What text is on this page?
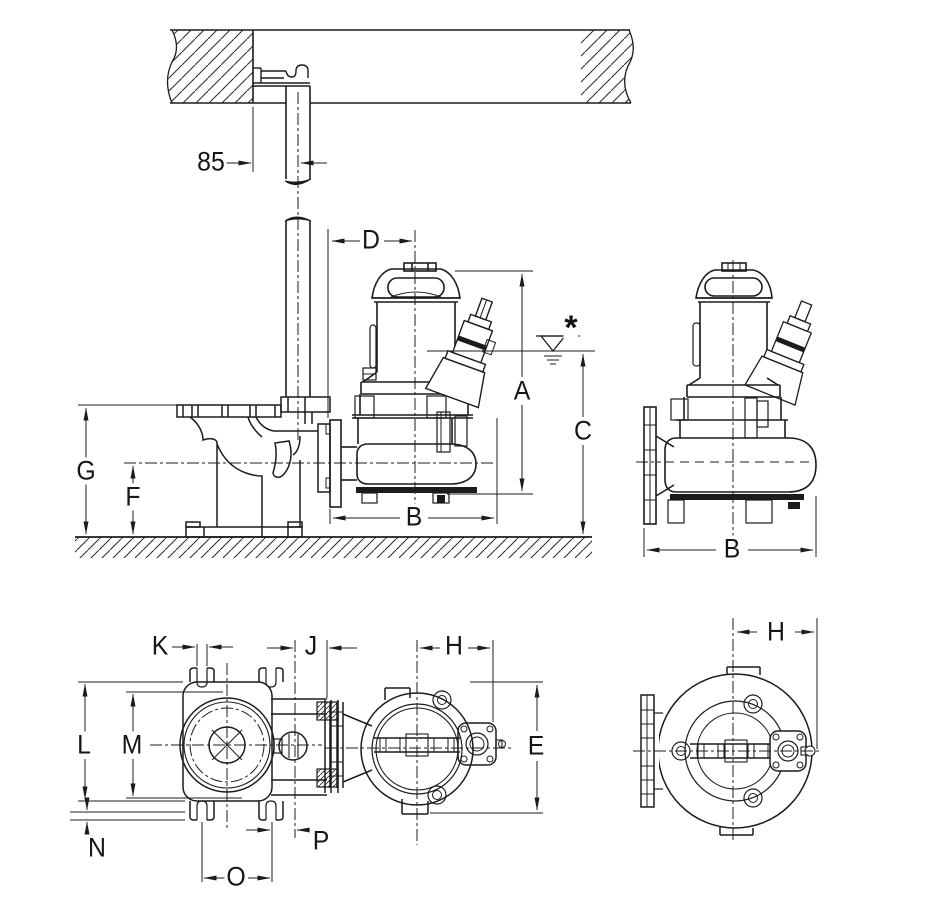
85
D
A
C
B
B
G
F
*
K	J
L M
N
O
P
H
E
H
